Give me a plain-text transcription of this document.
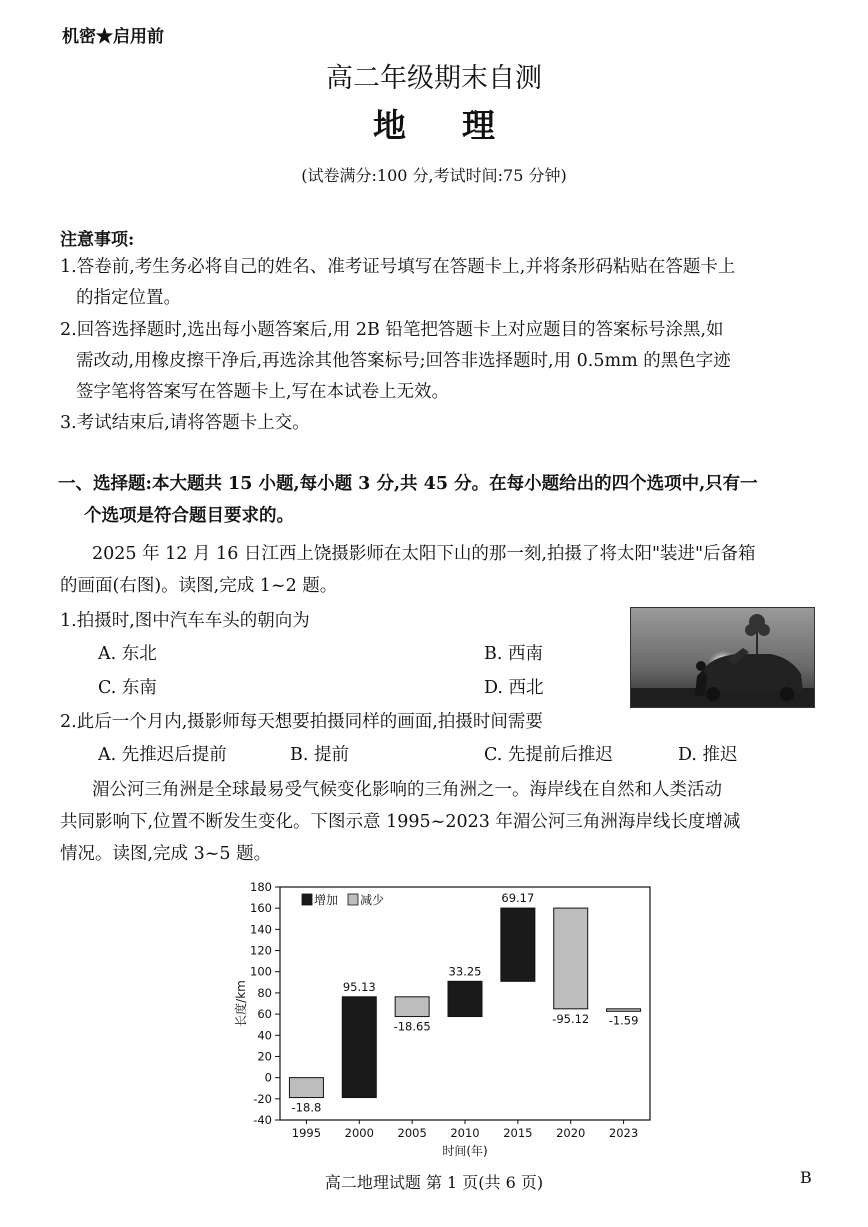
机密★启用前
高二年级期末自测
地理
(试卷满分:100 分,考试时间:75 分钟)
注意事项:
1.答卷前,考生务必将自己的姓名、准考证号填写在答题卡上,并将条形码粘贴在答题卡上
的指定位置。
2.回答选择题时,选出每小题答案后,用 2B 铅笔把答题卡上对应题目的答案标号涂黑,如
需改动,用橡皮擦干净后,再选涂其他答案标号;回答非选择题时,用 0.5mm 的黑色字迹
签字笔将答案写在答题卡上,写在本试卷上无效。
3.考试结束后,请将答题卡上交。
一、选择题:本大题共 15 小题,每小题 3 分,共 45 分。在每小题给出的四个选项中,只有一
个选项是符合题目要求的。
2025 年 12 月 16 日江西上饶摄影师在太阳下山的那一刻,拍摄了将太阳"装进"后备箱
的画面(右图)。读图,完成 1~2 题。
1.拍摄时,图中汽车车头的朝向为
A. 东北	B. 西南
C. 东南	D. 西北
2.此后一个月内,摄影师每天想要拍摄同样的画面,拍摄时间需要
A. 先推迟后提前	B. 提前	C. 先提前后推迟	D. 推迟
湄公河三角洲是全球最易受气候变化影响的三角洲之一。海岸线在自然和人类活动
共同影响下,位置不断发生变化。下图示意 1995~2023 年湄公河三角洲海岸线长度增减
情况。读图,完成 3~5 题。
-40
-20
0
20
40
60
80
100
120
140
160
180
1995 2000 2005 2010 2015 2020 2023
长度/km
时间(年)
-18.8
95.13
-18.65
33.25
69.17
-95.12 -1.59
增加 减少
高二地理试题 第 1 页(共 6 页)	B
